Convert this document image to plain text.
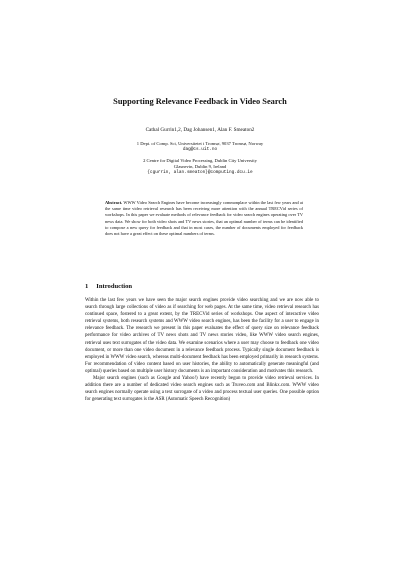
Supporting Relevance Feedback in Video Search
Cathal Gurrin1,2, Dag Johansen1, Alan F. Smeaton2
1 Dept. of Comp. Sci, Universitetet i Tromsø, 9037 Tromsø, Norway
dag@cs.uit.no
2 Centre for Digital Video Processing, Dublin City University
Glasnevin, Dublin 9, Ireland
{cgurrin, alan.smeaton}@computing.dcu.ie
Abstract. WWW Video Search Engines have become increasingly commonplace within the last few years and at the same time video retrieval research has been receiving more attention with the annual TRECVid series of workshops. In this paper we evaluate methods of relevance feedback for video search engines operating over TV news data. We show for both video shots and TV news stories, that an optimal number of terms can be identified to compose a new query for feedback and that in most cases, the number of documents employed for feedback does not have a great effect on these optimal numbers of terms.
1 Introduction

Within the last few years we have seen the major search engines provide video searching and we are now able to search through large collections of video as if searching for web pages. At the same time, video retrieval research has continued space, fostered to a great extent, by the TRECVid series of workshops. One aspect of interactive video retrieval systems, both research systems and WWW video search engines, has been the facility for a user to engage in relevance feedback. The research we present in this paper evaluates the effect of query size on relevance feedback performance for video archives of TV news shots and TV news stories video, like WWW video search engines, retrieval uses text surrogates of the video data. We examine scenarios where a user may choose to feedback one video document, or more than one video document in a relevance feedback process. Typically single document feedback is employed in WWW video search, whereas multi-document feedback has been employed primarily in research systems. For recommendation of video content based on user histories, the ability to automatically generate meaningful (and optimal) queries based on multiple user history documents is an important consideration and motivates this research.

Major search engines (such as Google and Yahoo!) have recently begun to provide video retrieval services. In addition there are a number of dedicated video search engines such as Truveo.com and Blinkx.com. WWW video search engines normally operate using a text surrogate of a video and process textual user queries. One possible option for generating text surrogates is the ASR (Automatic Speech Recognition)
